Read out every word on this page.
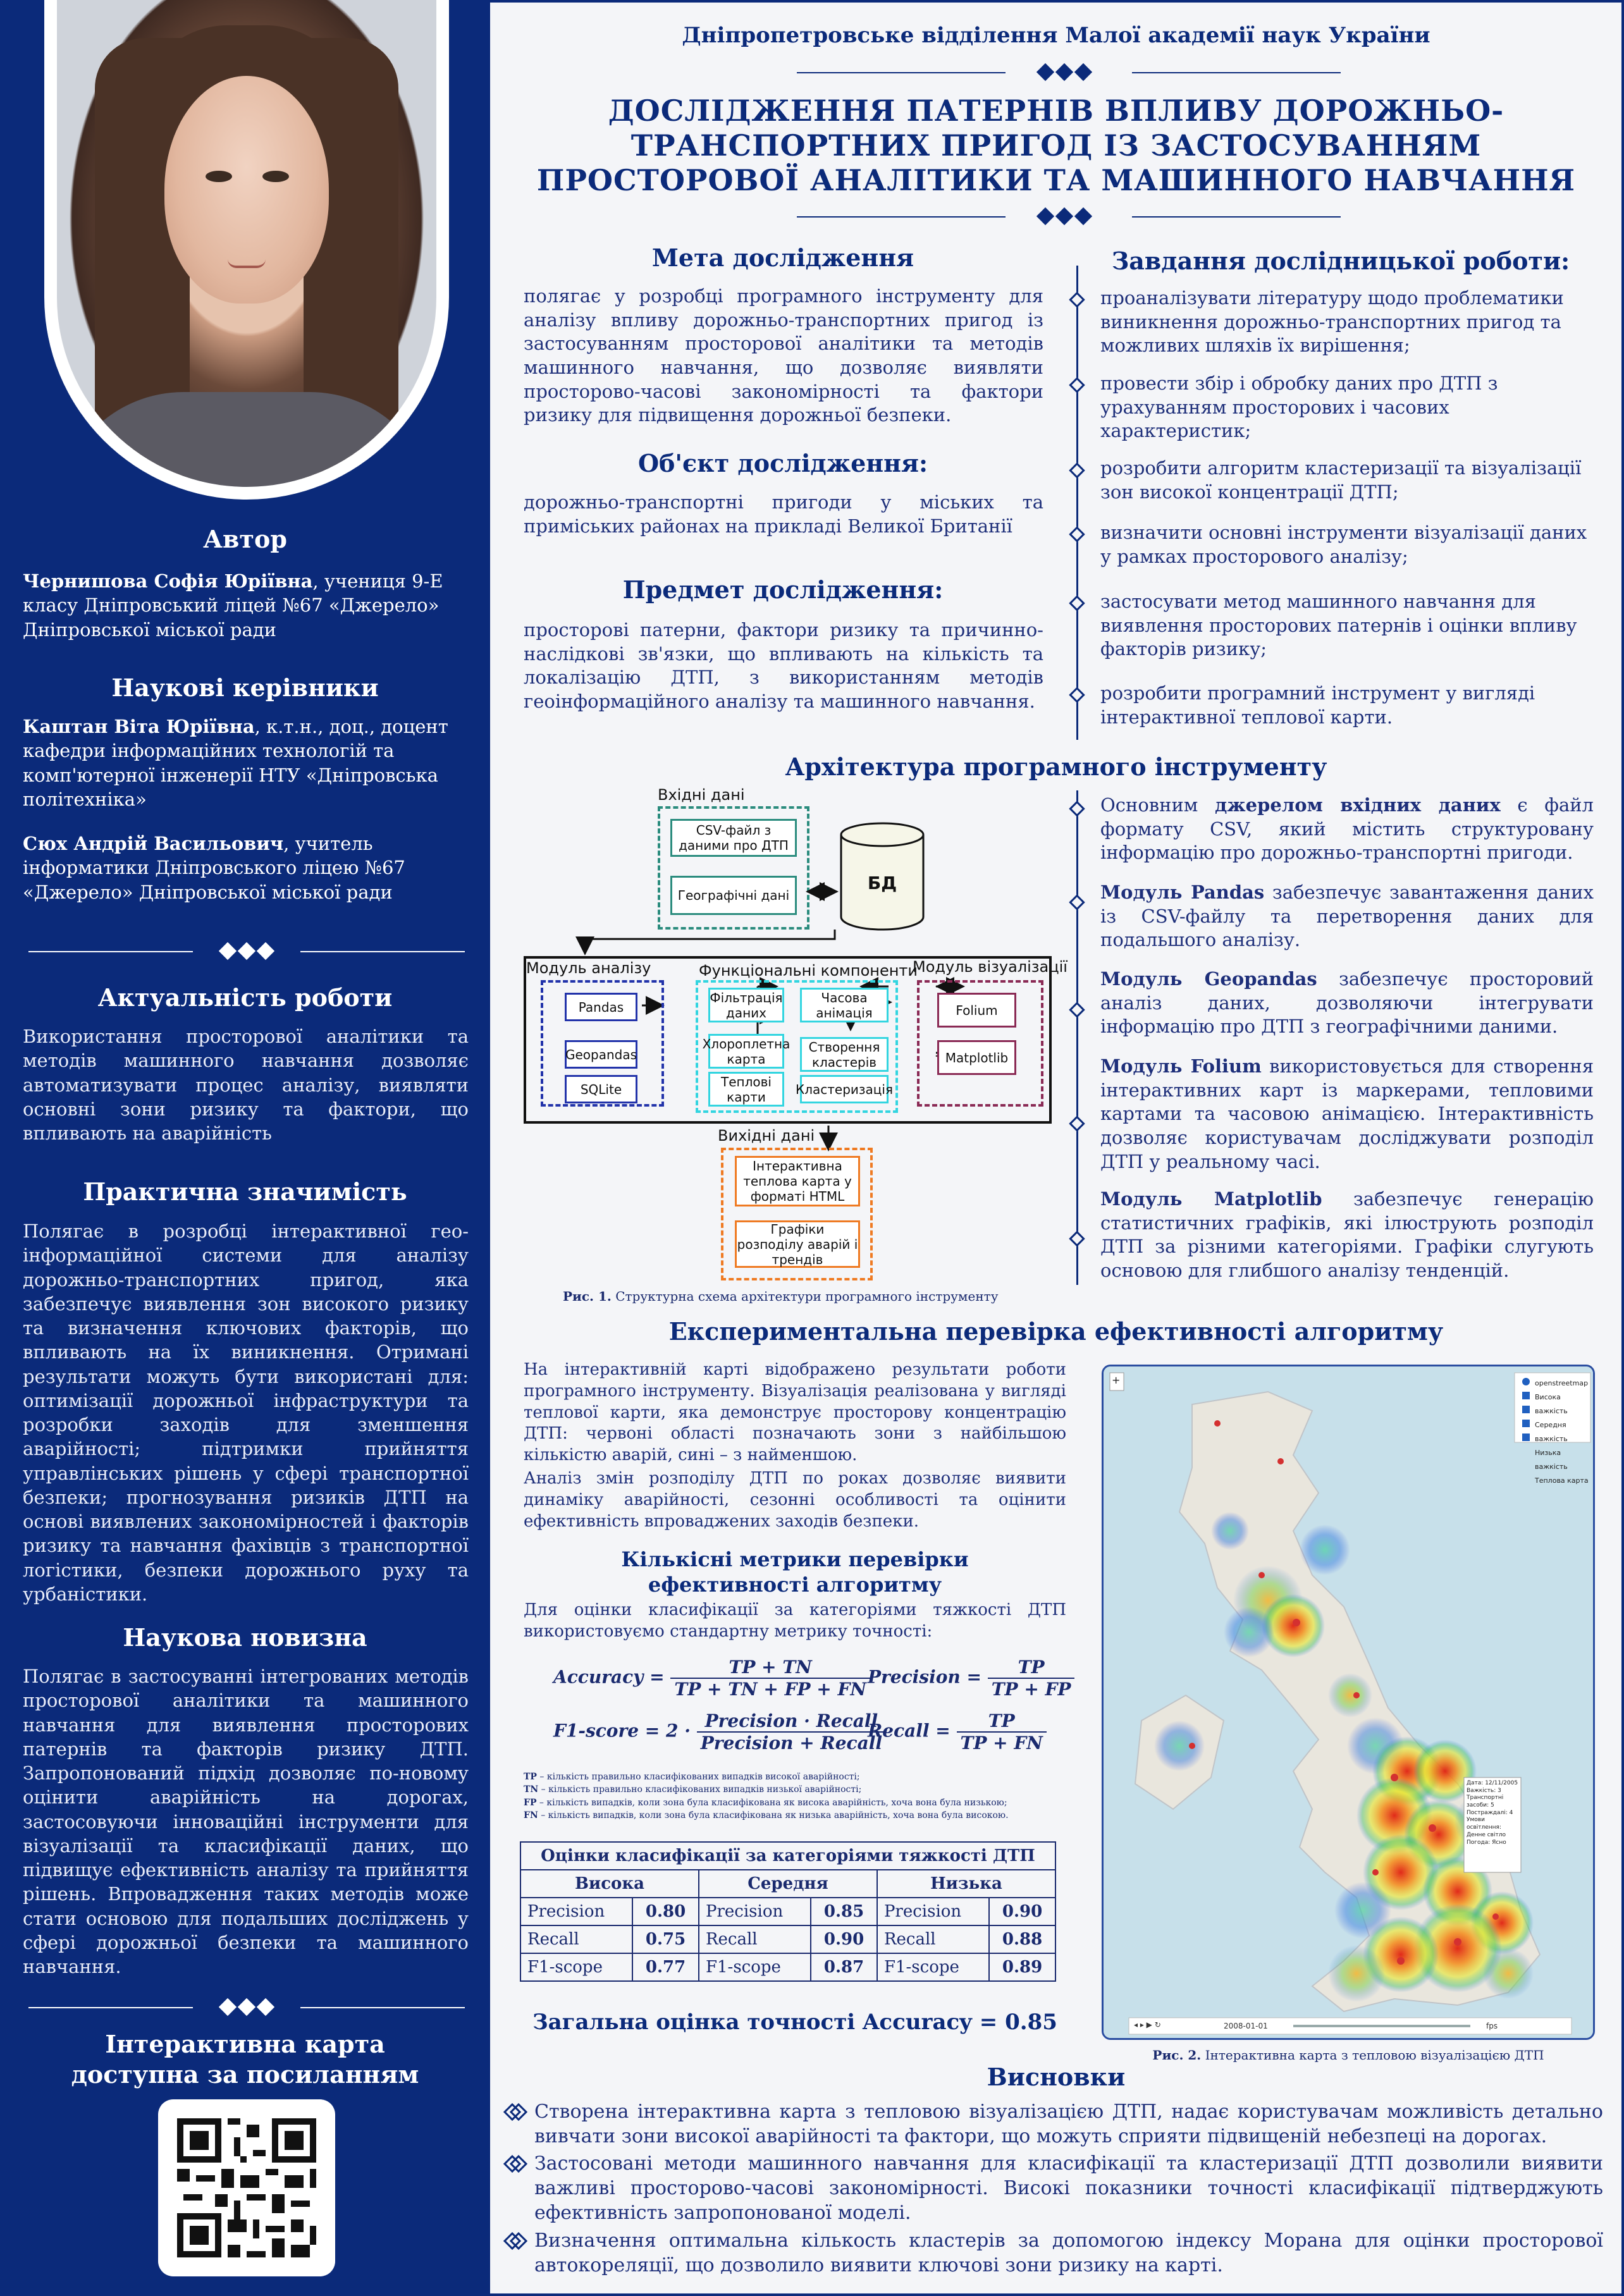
Автор
Чернишова Софія Юріївна, учениця 9-Е
класу Дніпровський ліцей №67 «Джерело»
Дніпровської міської ради
Наукові керівники
Каштан Віта Юріївна, к.т.н., доц., доцент
кафедри інформаційних технологій та
комп'ютерної інженерії НТУ «Дніпровська
політехніка»
Сюх Андрій Васильович, учитель
інформатики Дніпровського ліцею №67
«Джерело» Дніпровської міської ради
Актуальність роботи
Використання просторової аналітики та методів машинного навчання дозволяє автоматизувати процес аналізу, виявляти основні зони ризику та фактори, що впливають на аварійність
Практична значимість
Полягає в розробці інтерактивної гео-інформаційної системи для аналізу дорожньо-транспортних пригод, яка забезпечує виявлення зон високого ризику та визначення ключових факторів, що впливають на їх виникнення. Отримані результати можуть бути використані для: оптимізації дорожньої інфраструктури та розробки заходів для зменшення аварійності; підтримки прийняття управлінських рішень у сфері транспортної безпеки; прогнозування ризиків ДТП на основі виявлених закономірностей і факторів ризику та навчання фахівців з транспортної логістики, безпеки дорожнього руху та урбаністики.
Наукова новизна
Полягає в застосуванні інтегрованих методів просторової аналітики та машинного навчання для виявлення просторових патернів та факторів ризику ДТП. Запропонований підхід дозволяє по-новому оцінити аварійність на дорогах, застосовуючи інноваційні інструменти для візуалізації та класифікації даних, що підвищує ефективність аналізу та прийняття рішень. Впровадження таких методів може стати основою для подальших досліджень у сфері дорожньої безпеки та машинного навчання.
Інтерактивна карта
доступна за посиланням
Дніпропетровське відділення Малої академії наук України
ДОСЛІДЖЕННЯ ПАТЕРНІВ ВПЛИВУ ДОРОЖНЬО-
ТРАНСПОРТНИХ ПРИГОД ІЗ ЗАСТОСУВАННЯМ
ПРОСТОРОВОЇ АНАЛІТИКИ ТА МАШИННОГО НАВЧАННЯ
Мета дослідження
полягає у розробці програмного інструменту для аналізу впливу дорожньо-транспортних пригод із застосуванням просторової аналітики та методів машинного навчання, що дозволяє виявляти просторово-часові закономірності та фактори ризику для підвищення дорожньої безпеки.
Об'єкт дослідження:
дорожньо-транспортні пригоди у міських та приміських районах на прикладі Великої Британії
Предмет дослідження:
просторові патерни, фактори ризику та причинно-наслідкові зв'язки, що впливають на кількість та локалізацію ДТП, з використанням методів геоінформаційного аналізу та машинного навчання.
Завдання дослідницької роботи:
проаналізувати літературу щодо проблематики виникнення дорожньо-транспортних пригод та можливих шляхів їх вирішення;
провести збір і обробку даних про ДТП з урахуванням просторових і часових характеристик;
розробити алгоритм кластеризації та візуалізації зон високої концентрації ДТП;
визначити основні інструменти візуалізації даних у рамках просторового аналізу;
застосувати метод машинного навчання для виявлення просторових патернів і оцінки впливу факторів ризику;
розробити програмний інструмент у вигляді інтерактивної теплової карти.
Архітектура програмного інструменту
Вхідні дані
CSV-файл з даними про ДТП
Географічні дані
БД
Модуль аналізу	Функціональні компоненти
Модуль візуалізації
Pandas
Geopandas
SQLite
Фільтрація даних
Хлороплетна карта
Теплові карти
Часова анімація
Створення кластерів
Кластеризація
Folium
Matplotlib
Вихідні дані
Інтерактивна теплова карта у форматі HTML
Графіки розподілу аварій і трендів
Рис. 1. Структурна схема архітектури програмного інструменту
Основним джерелом вхідних даних є файл формату CSV, який містить структуровану інформацію про дорожньо-транспортні пригоди.
Модуль Pandas забезпечує завантаження даних із CSV-файлу та перетворення даних для подальшого аналізу.
Модуль Geopandas забезпечує просторовий аналіз даних, дозволяючи інтегрувати інформацію про ДТП з географічними даними.
Модуль Folium використовується для створення інтерактивних карт із маркерами, тепловими картами та часовою анімацією. Інтерактивність дозволяє користувачам досліджувати розподіл ДТП у реальному часі.
Модуль Matplotlib забезпечує генерацію статистичних графіків, які ілюструють розподіл ДТП за різними категоріями. Графіки слугують основою для глибшого аналізу тенденцій.
Експериментальна перевірка ефективності алгоритму
На інтерактивній карті відображено результати роботи програмного інструменту. Візуалізація реалізована у вигляді теплової карти, яка демонструє просторову концентрацію ДТП: червоні області позначають зони з найбільшою кількістю аварій, сині – з найменшою.
Аналіз змін розподілу ДТП по роках дозволяє виявити динаміку аварійності, сезонні особливості та оцінити ефективність впроваджених заходів безпеки.
Кількісні метрики перевірки
ефективності алгоритму
Для оцінки класифікації за категоріями тяжкості ДТП використовуємо стандартну метрику точності:
Accuracy = $\frac{TP + TN}{TP + TN + FP + FN}$
Precision = $\frac{TP}{TP + FP}$
F1-score = $2 \cdot \frac{\text{Precision · Recall}}{\text{Precision + Recall}}$
Recall = $\frac{TP}{TP + FN}$
TP – кількість правильно класифікованих випадків високої аварійності;
TN – кількість правильно класифікованих випадків низької аварійності;
FP – кількість випадків, коли зона була класифікована як висока аварійність, хоча вона була низькою;
FN – кількість випадків, коли зона була класифікована як низька аварійність, хоча вона була високою.
Оцінки класифікації за категоріями тяжкості ДТП					
Висока		Середня		Низька	
Precision	0.80	Precision	0.85	Precision	0.90
Recall	0.75	Recall	0.90	Recall	0.88
F1-scope	0.77	F1-scope	0.87	F1-scope	0.89
Загальна оцінка точності Accuracy = 0.85
openstreetmap
Висока важкість
Середня важкість
Низька важкість
Теплова карта
Дата: 12/11/2005 Важкість: 3 Транспортні засоби: 5 Постраждалі: 4 Умови освітлення: Денне світло Погода: Ясно
+
◂ ▸ ▶ ↻	2008-01-01	fps
Рис. 2. Інтерактивна карта з тепловою візуалізацією ДТП
Висновки
Створена інтерактивна карта з тепловою візуалізацією ДТП, надає користувачам можливість детально вивчати зони високої аварійності та фактори, що можуть сприяти підвищеній небезпеці на дорогах.
Застосовані методи машинного навчання для класифікації та кластеризації ДТП дозволили виявити важливі просторово-часові закономірності. Високі показники точності класифікації підтверджують ефективність запропонованої моделі.
Визначення оптимальна кількость кластерів за допомогою індексу Морана для оцінки просторової автокореляції, що дозволило виявити ключові зони ризику на карті.
